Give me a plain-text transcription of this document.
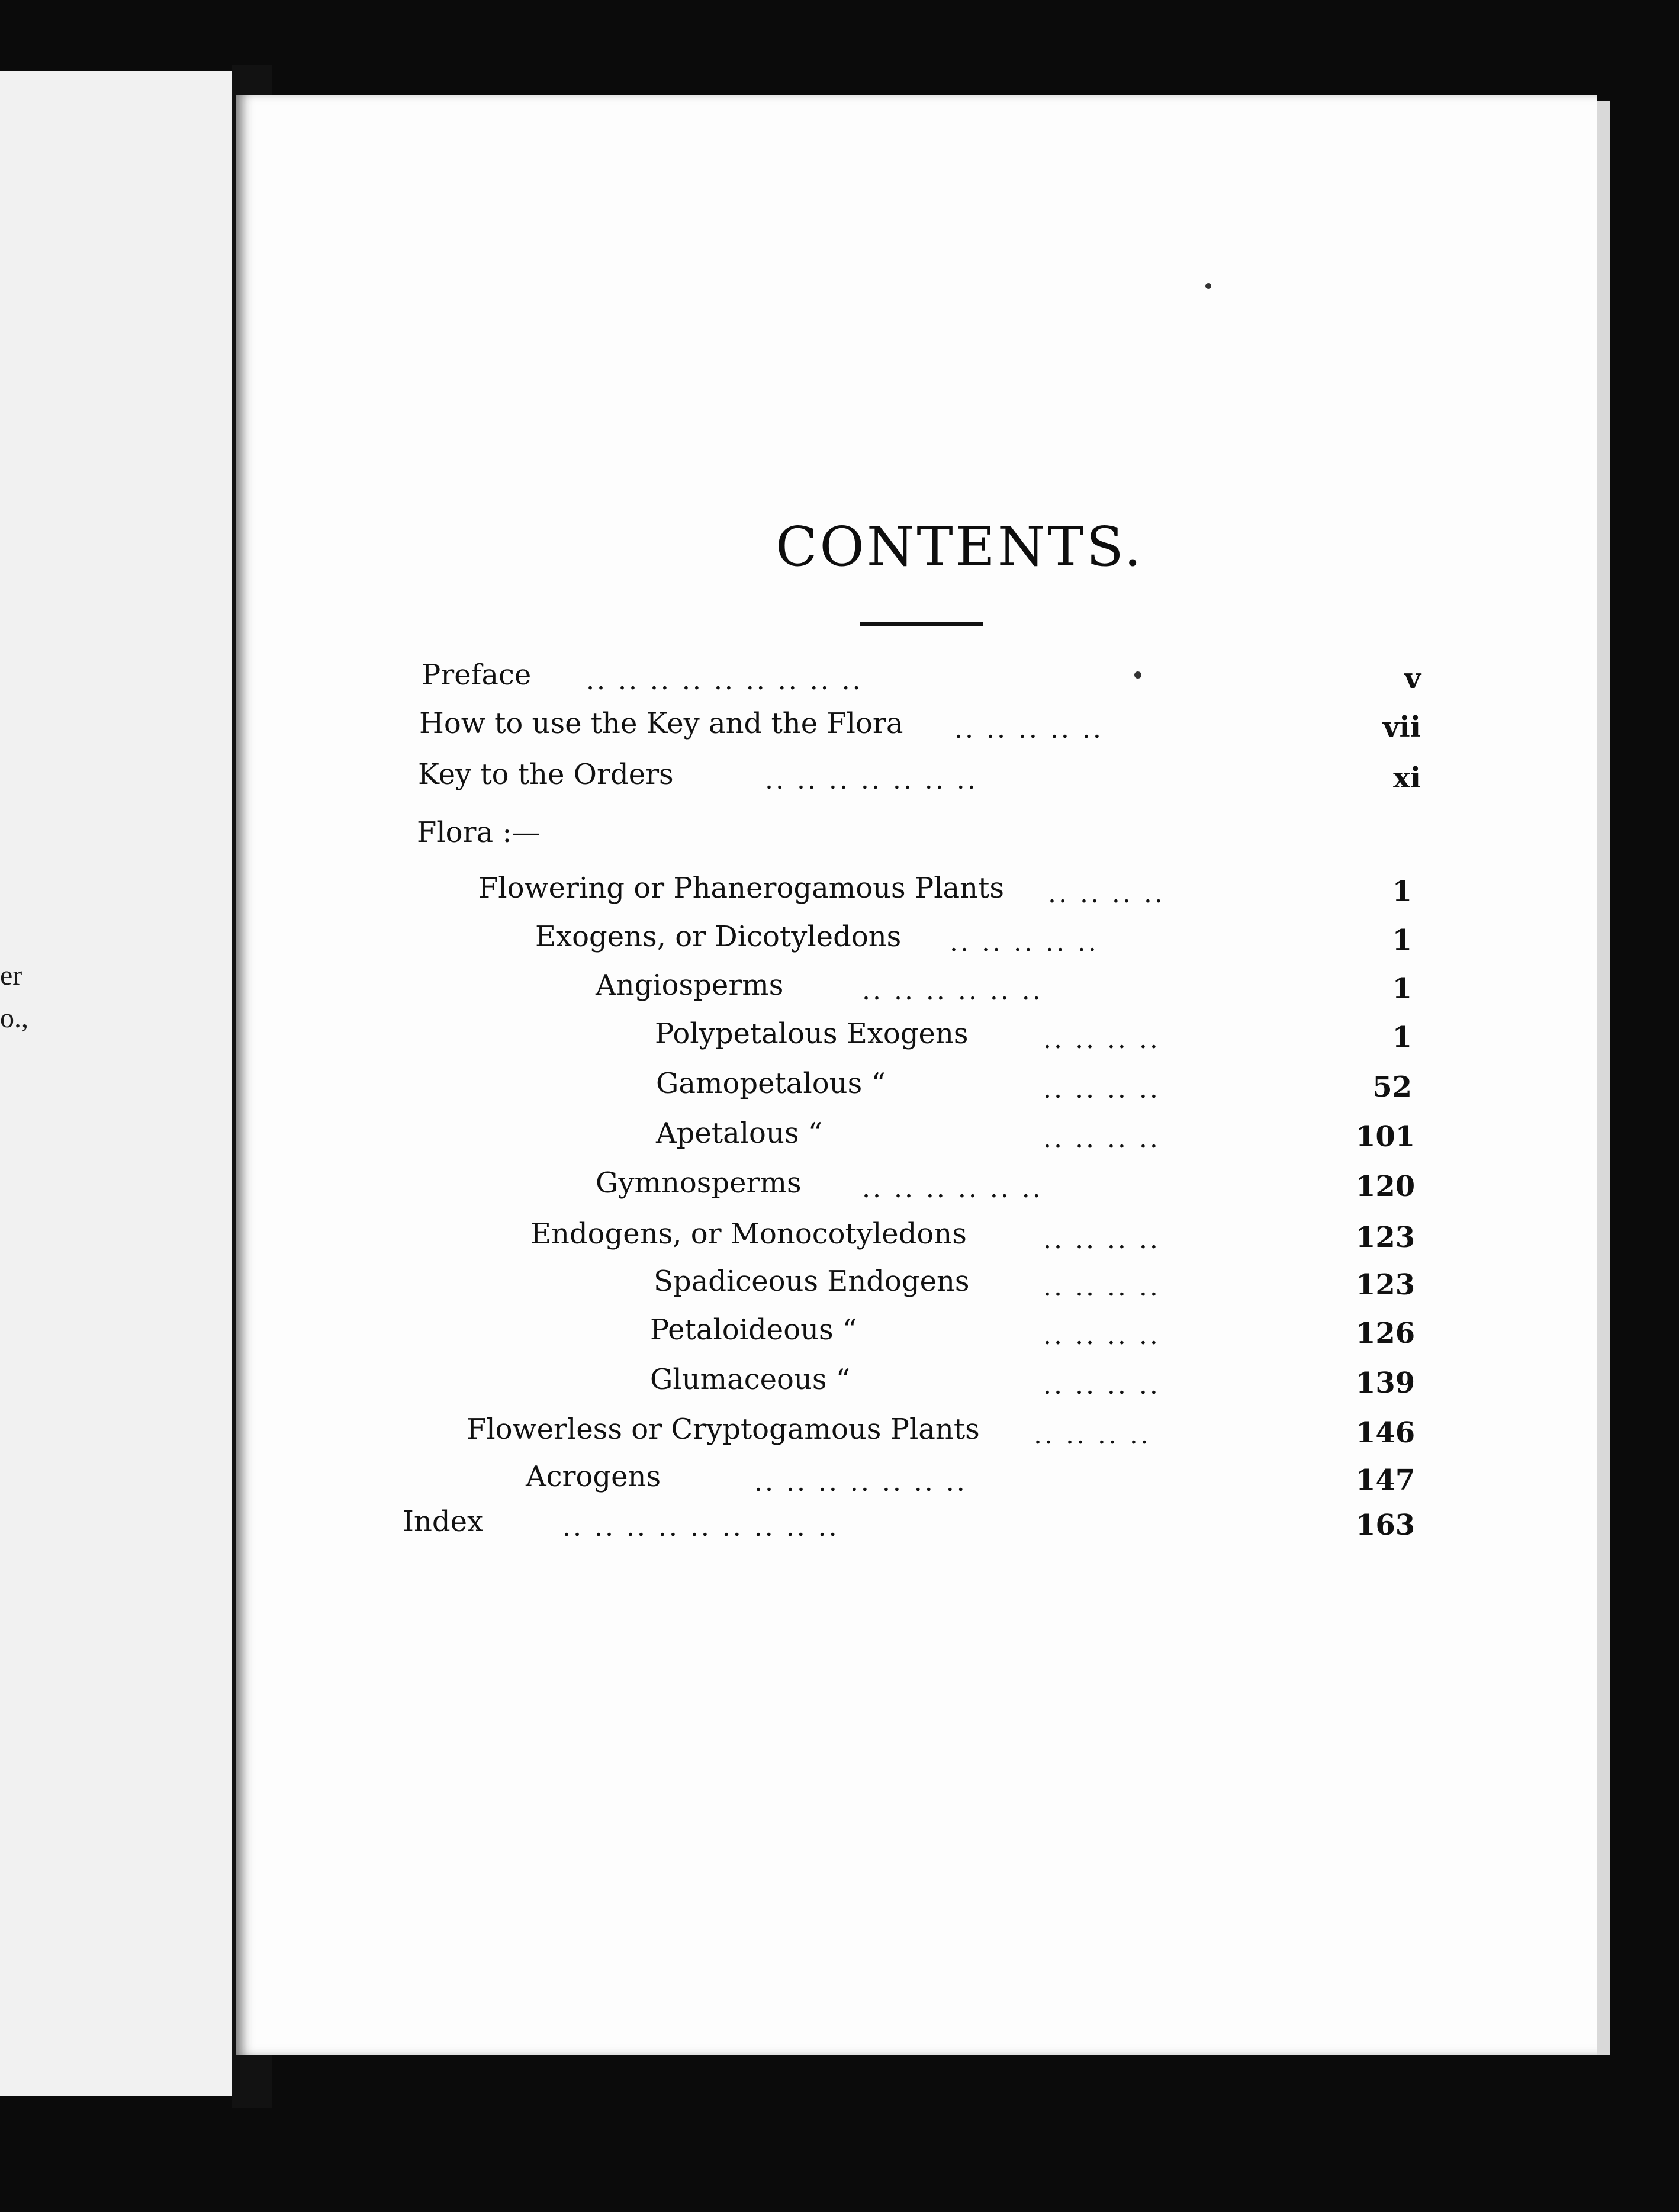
er
o.,
CONTENTS.
Preface .. .. .. .. .. .. .. .. ..	v
How to use the Key and the Flora .. .. .. .. ..	vii
Key to the Orders	.. .. .. .. .. .. ..	xi
Flora :—
Flowering or Phanerogamous Plants .. .. .. ..	1
Exogens, or Dicotyledons .. .. .. .. ..	1
Angiosperms	.. .. .. .. .. ..	1
Polypetalous Exogens	.. .. .. ..	1
Gamopetalous “	.. .. .. ..	52
Apetalous “	.. .. .. ..	101
Gymnosperms .. .. .. .. .. ..	120
Endogens, or Monocotyledons	.. .. .. ..	123
Spadiceous Endogens	.. .. .. ..	123
Petaloideous “	.. .. .. ..	126
Glumaceous “	.. .. .. ..	139
Flowerless or Cryptogamous Plants .. .. .. ..	146
Acrogens	.. .. .. .. .. .. ..	147
Index	.. .. .. .. .. .. .. .. ..	163
